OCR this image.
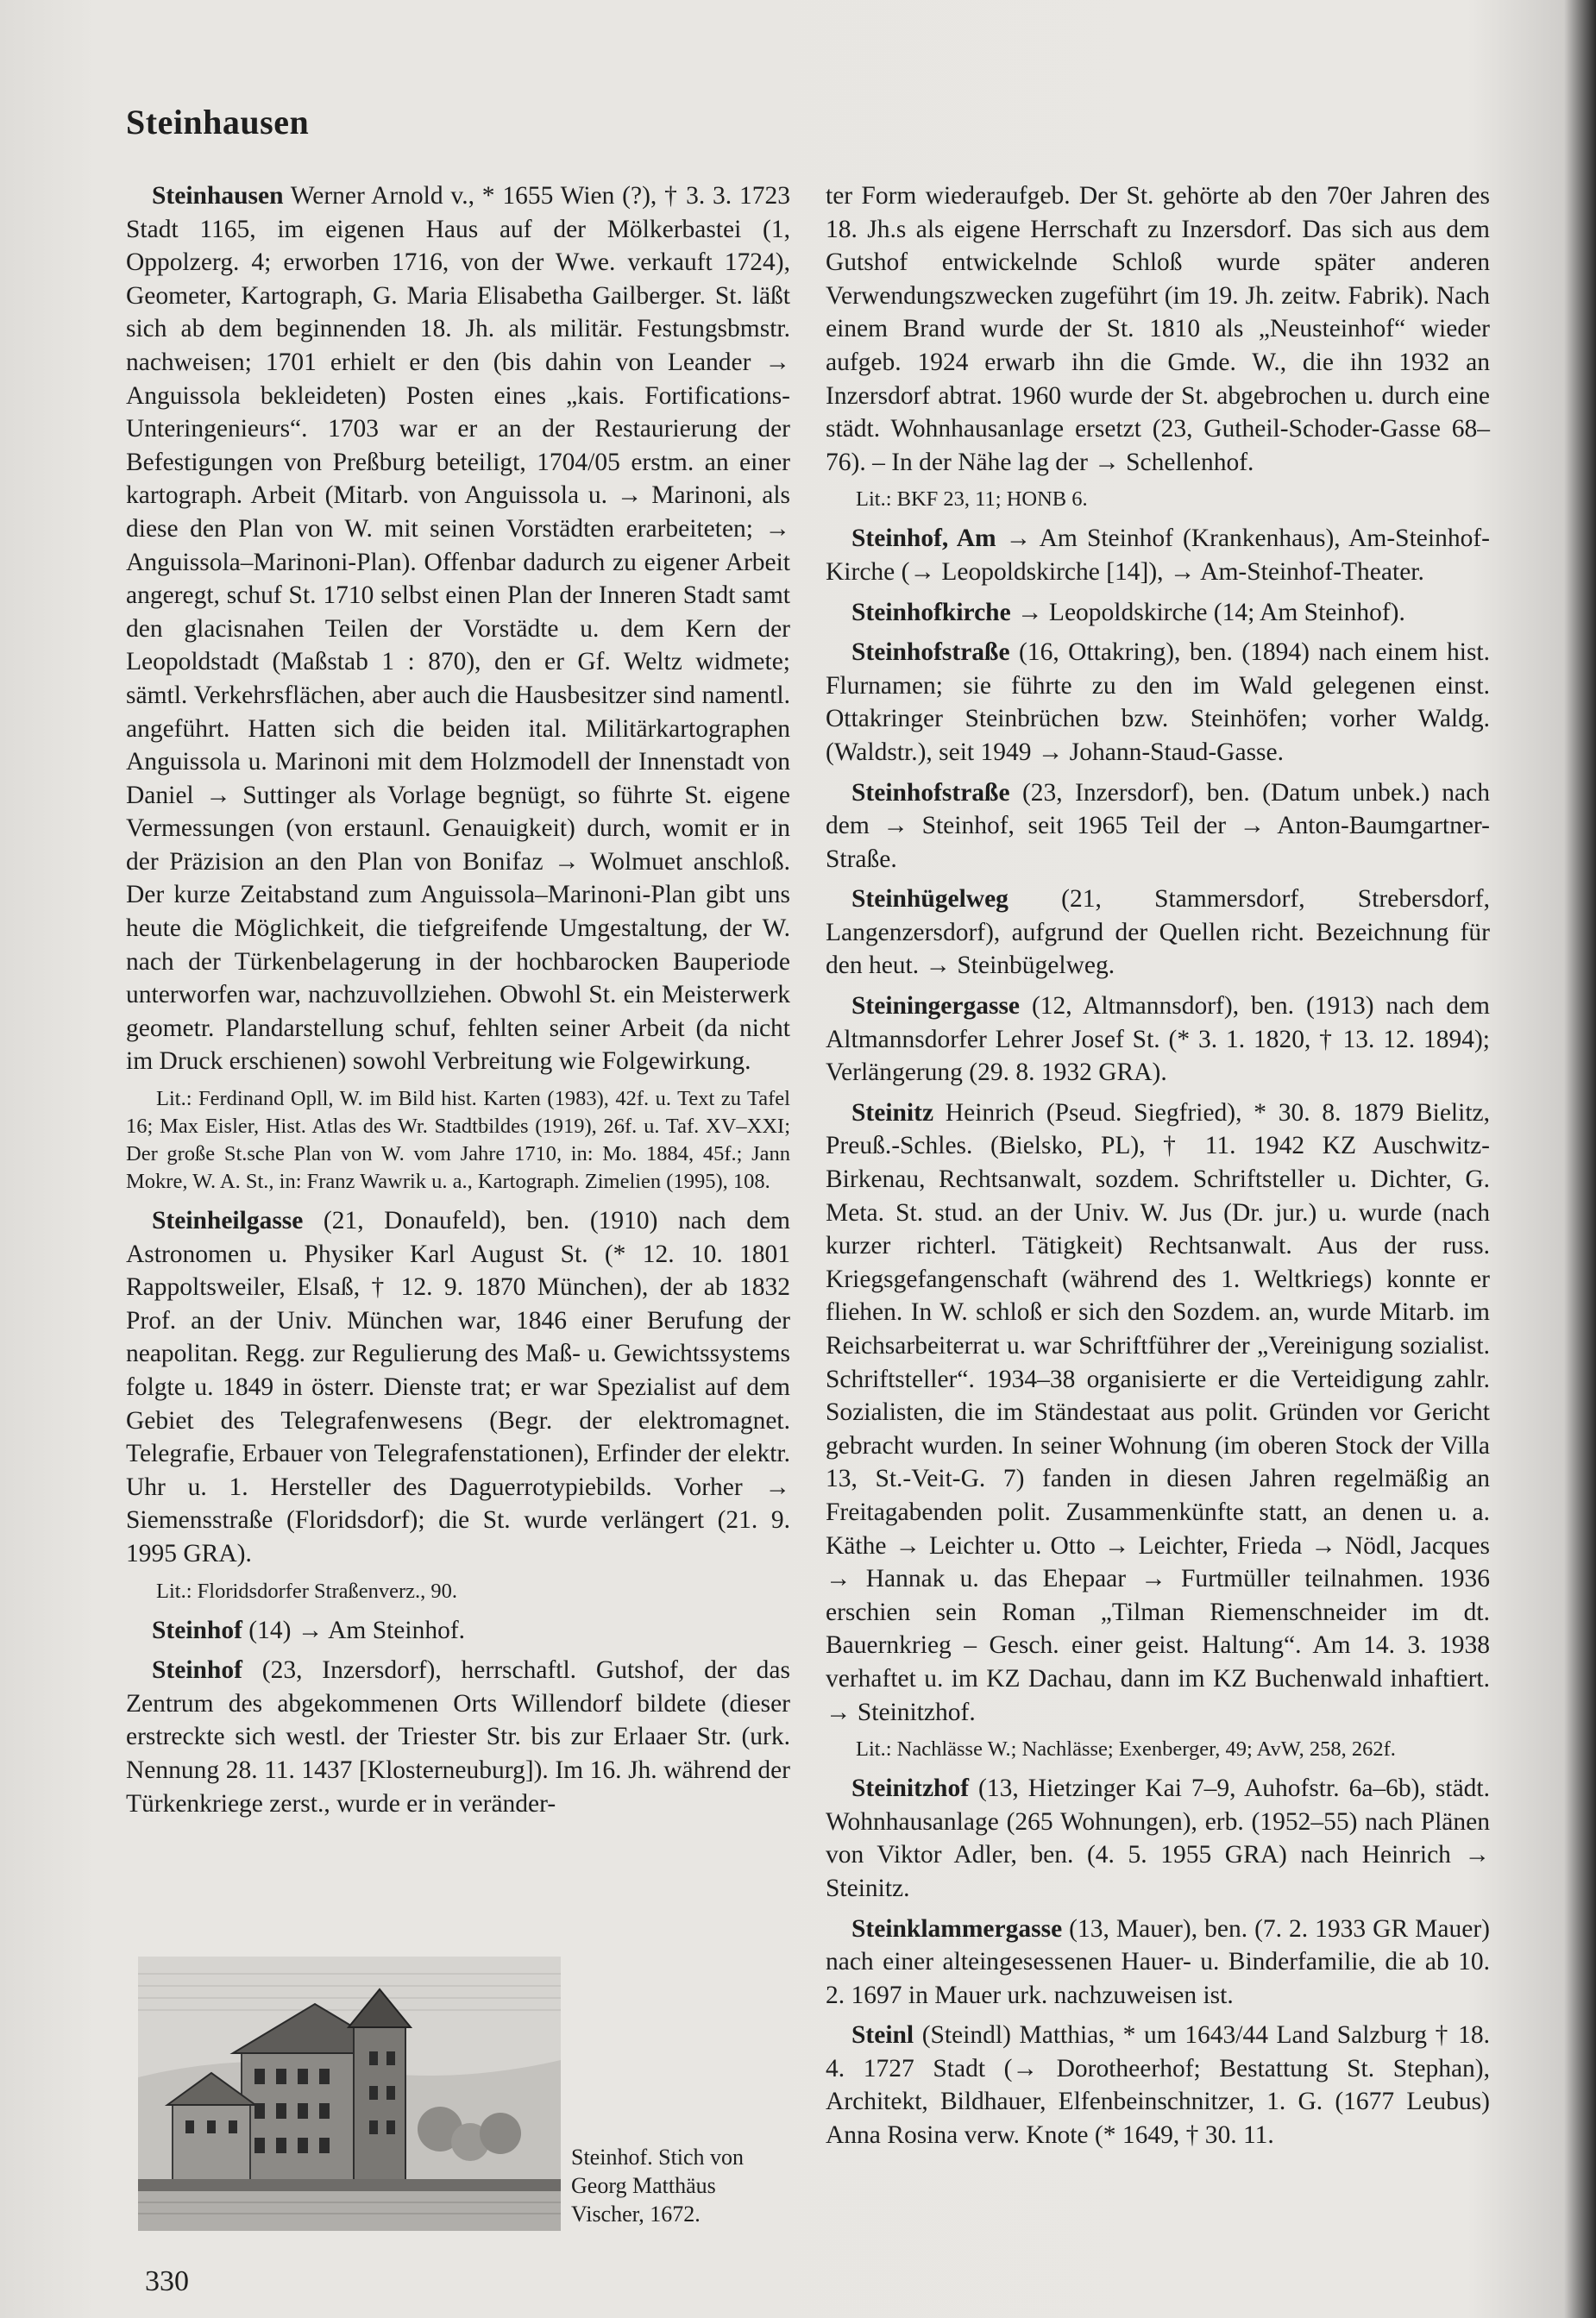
Steinhausen

Steinhausen Werner Arnold v., * 1655 Wien (?), † 3. 3. 1723 Stadt 1165, im eigenen Haus auf der Mölkerbastei (1, Oppolzerg. 4; erworben 1716, von der Wwe. verkauft 1724), Geometer, Kartograph, G. Maria Elisabetha Gailberger. St. läßt sich ab dem beginnenden 18. Jh. als militär. Festungsbmstr. nachweisen; 1701 erhielt er den (bis dahin von Leander → Anguissola bekleideten) Posten eines „kais. Fortifications-Unteringenieurs“. 1703 war er an der Restaurierung der Befestigungen von Preßburg beteiligt, 1704/05 erstm. an einer kartograph. Arbeit (Mitarb. von Anguissola u. → Marinoni, als diese den Plan von W. mit seinen Vorstädten erarbeiteten; → Anguissola–Marinoni-Plan). Offenbar dadurch zu eigener Arbeit angeregt, schuf St. 1710 selbst einen Plan der Inneren Stadt samt den glacisnahen Teilen der Vorstädte u. dem Kern der Leopoldstadt (Maßstab 1 : 870), den er Gf. Weltz widmete; sämtl. Verkehrsflächen, aber auch die Hausbesitzer sind namentl. angeführt. Hatten sich die beiden ital. Militärkartographen Anguissola u. Marinoni mit dem Holzmodell der Innenstadt von Daniel → Suttinger als Vorlage begnügt, so führte St. eigene Vermessungen (von erstaunl. Genauigkeit) durch, womit er in der Präzision an den Plan von Bonifaz → Wolmuet anschloß. Der kurze Zeitabstand zum Anguissola–Marinoni-Plan gibt uns heute die Möglichkeit, die tiefgreifende Umgestaltung, der W. nach der Türkenbelagerung in der hochbarocken Bauperiode unterworfen war, nachzuvollziehen. Obwohl St. ein Meisterwerk geometr. Plandarstellung schuf, fehlten seiner Arbeit (da nicht im Druck erschienen) sowohl Verbreitung wie Folgewirkung.

Lit.: Ferdinand Opll, W. im Bild hist. Karten (1983), 42f. u. Text zu Tafel 16; Max Eisler, Hist. Atlas des Wr. Stadtbildes (1919), 26f. u. Taf. XV–XXI; Der große St.sche Plan von W. vom Jahre 1710, in: Mo. 1884, 45f.; Jann Mokre, W. A. St., in: Franz Wawrik u. a., Kartograph. Zimelien (1995), 108.

Steinheilgasse (21, Donaufeld), ben. (1910) nach dem Astronomen u. Physiker Karl August St. (* 12. 10. 1801 Rappoltsweiler, Elsaß, † 12. 9. 1870 München), der ab 1832 Prof. an der Univ. München war, 1846 einer Berufung der neapolitan. Regg. zur Regulierung des Maß- u. Gewichtssystems folgte u. 1849 in österr. Dienste trat; er war Spezialist auf dem Gebiet des Telegrafenwesens (Begr. der elektromagnet. Telegrafie, Erbauer von Telegrafenstationen), Erfinder der elektr. Uhr u. 1. Hersteller des Daguerrotypiebilds. Vorher → Siemensstraße (Floridsdorf); die St. wurde verlängert (21. 9. 1995 GRA).

Lit.: Floridsdorfer Straßenverz., 90.

Steinhof (14) → Am Steinhof.

Steinhof (23, Inzersdorf), herrschaftl. Gutshof, der das Zentrum des abgekommenen Orts Willendorf bildete (dieser erstreckte sich westl. der Triester Str. bis zur Erlaaer Str. (urk. Nennung 28. 11. 1437 [Klosterneuburg]). Im 16. Jh. während der Türkenkriege zerst., wurde er in veränder-

Steinhof. Stich von Georg Matthäus Vischer, 1672.

ter Form wiederaufgeb. Der St. gehörte ab den 70er Jahren des 18. Jh.s als eigene Herrschaft zu Inzersdorf. Das sich aus dem Gutshof entwickelnde Schloß wurde später anderen Verwendungszwecken zugeführt (im 19. Jh. zeitw. Fabrik). Nach einem Brand wurde der St. 1810 als „Neusteinhof“ wieder aufgeb. 1924 erwarb ihn die Gmde. W., die ihn 1932 an Inzersdorf abtrat. 1960 wurde der St. abgebrochen u. durch eine städt. Wohnhausanlage ersetzt (23, Gutheil-Schoder-Gasse 68–76). – In der Nähe lag der → Schellenhof.

Lit.: BKF 23, 11; HONB 6.

Steinhof, Am → Am Steinhof (Krankenhaus), Am-Steinhof-Kirche (→ Leopoldskirche [14]), → Am-Steinhof-Theater.

Steinhofkirche → Leopoldskirche (14; Am Steinhof).

Steinhofstraße (16, Ottakring), ben. (1894) nach einem hist. Flurnamen; sie führte zu den im Wald gelegenen einst. Ottakringer Steinbrüchen bzw. Steinhöfen; vorher Waldg. (Waldstr.), seit 1949 → Johann-Staud-Gasse.

Steinhofstraße (23, Inzersdorf), ben. (Datum unbek.) nach dem → Steinhof, seit 1965 Teil der → Anton-Baumgartner-Straße.

Steinhügelweg (21, Stammersdorf, Strebersdorf, Langenzersdorf), aufgrund der Quellen richt. Bezeichnung für den heut. → Steinbügelweg.

Steiningergasse (12, Altmannsdorf), ben. (1913) nach dem Altmannsdorfer Lehrer Josef St. (* 3. 1. 1820, † 13. 12. 1894); Verlängerung (29. 8. 1932 GRA).

Steinitz Heinrich (Pseud. Siegfried), * 30. 8. 1879 Bielitz, Preuß.-Schles. (Bielsko, PL), † 11. 1942 KZ Auschwitz-Birkenau, Rechtsanwalt, sozdem. Schriftsteller u. Dichter, G. Meta. St. stud. an der Univ. W. Jus (Dr. jur.) u. wurde (nach kurzer richterl. Tätigkeit) Rechtsanwalt. Aus der russ. Kriegsgefangenschaft (während des 1. Weltkriegs) konnte er fliehen. In W. schloß er sich den Sozdem. an, wurde Mitarb. im Reichsarbeiterrat u. war Schriftführer der „Vereinigung sozialist. Schriftsteller“. 1934–38 organisierte er die Verteidigung zahlr. Sozialisten, die im Ständestaat aus polit. Gründen vor Gericht gebracht wurden. In seiner Wohnung (im oberen Stock der Villa 13, St.-Veit-G. 7) fanden in diesen Jahren regelmäßig an Freitagabenden polit. Zusammenkünfte statt, an denen u. a. Käthe → Leichter u. Otto → Leichter, Frieda → Nödl, Jacques → Hannak u. das Ehepaar → Furtmüller teilnahmen. 1936 erschien sein Roman „Tilman Riemenschneider im dt. Bauernkrieg – Gesch. einer geist. Haltung“. Am 14. 3. 1938 verhaftet u. im KZ Dachau, dann im KZ Buchenwald inhaftiert. → Steinitzhof.

Lit.: Nachlässe W.; Nachlässe; Exenberger, 49; AvW, 258, 262f.

Steinitzhof (13, Hietzinger Kai 7–9, Auhofstr. 6a–6b), städt. Wohnhausanlage (265 Wohnungen), erb. (1952–55) nach Plänen von Viktor Adler, ben. (4. 5. 1955 GRA) nach Heinrich → Steinitz.

Steinklammergasse (13, Mauer), ben. (7. 2. 1933 GR Mauer) nach einer alteingesessenen Hauer- u. Binderfamilie, die ab 10. 2. 1697 in Mauer urk. nachzuweisen ist.

Steinl (Steindl) Matthias, * um 1643/44 Land Salzburg † 18. 4. 1727 Stadt (→ Dorotheerhof; Bestattung St. Stephan), Architekt, Bildhauer, Elfenbeinschnitzer, 1. G. (1677 Leubus) Anna Rosina verw. Knote (* 1649, † 30. 11.

330
